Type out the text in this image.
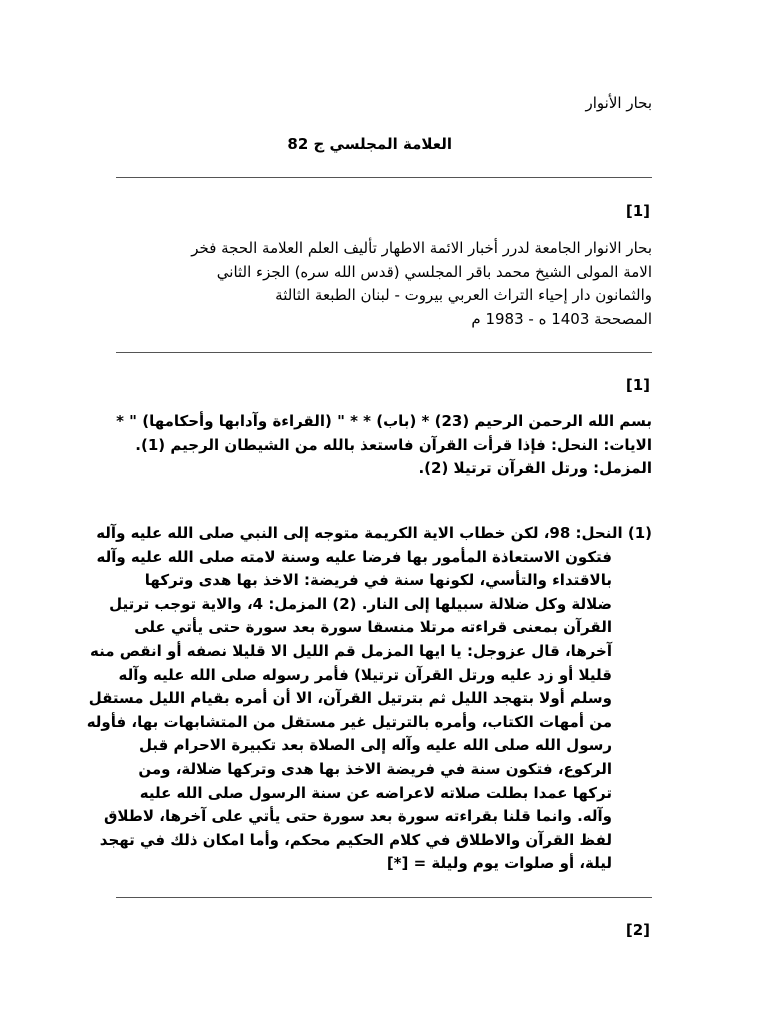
بحار الأنوار
العلامة المجلسي ج 82
[1]
بحار الانوار الجامعة لدرر أخبار الائمة الاطهار تأليف العلم العلامة الحجة فخر
الامة المولى الشيخ محمد باقر المجلسي (قدس الله سره) الجزء الثاني
والثمانون دار إحياء التراث العربي بيروت - لبنان الطبعة الثالثة
المصححة 1403 ه - 1983 م
[1]
بسم الله الرحمن الرحيم (23) * (باب) * * " (القراءة وآدابها وأحكامها) " *
الايات: النحل: فإذا قرأت القرآن فاستعذ بالله من الشيطان الرجيم (1).
المزمل: ورتل القرآن ترتيلا (2).
(1) النحل: 98، لكن خطاب الاية الكريمة متوجه إلى النبي صلى الله عليه وآله
فتكون الاستعاذة المأمور بها فرضا عليه وسنة لامته صلى الله عليه وآله
بالاقتداء والتأسي، لكونها سنة في فريضة: الاخذ بها هدى وتركها
ضلالة وكل ضلالة سبيلها إلى النار. (2) المزمل: 4، والاية توجب ترتيل
القرآن بمعنى قراءته مرتلا منسقا سورة بعد سورة حتى يأتي على
آخرها، قال عزوجل: يا ايها المزمل قم الليل الا قليلا نصفه أو انقص منه
قليلا أو زد عليه ورتل القرآن ترتيلا) فأمر رسوله صلى الله عليه وآله
وسلم أولا بتهجد الليل ثم بترتيل القرآن، الا أن أمره بقيام الليل مستقل
من أمهات الكتاب، وأمره بالترتيل غير مستقل من المتشابهات بها، فأوله
رسول الله صلى الله عليه وآله إلى الصلاة بعد تكبيرة الاحرام قبل
الركوع، فتكون سنة في فريضة الاخذ بها هدى وتركها ضلالة، ومن
تركها عمدا بطلت صلاته لاعراضه عن سنة الرسول صلى الله عليه
وآله. وانما قلنا بقراءته سورة بعد سورة حتى يأتي على آخرها، لاطلاق
لفظ القرآن والاطلاق في كلام الحكيم محكم، وأما امكان ذلك في تهجد
ليلة، أو صلوات يوم وليلة = [*]
[2]
